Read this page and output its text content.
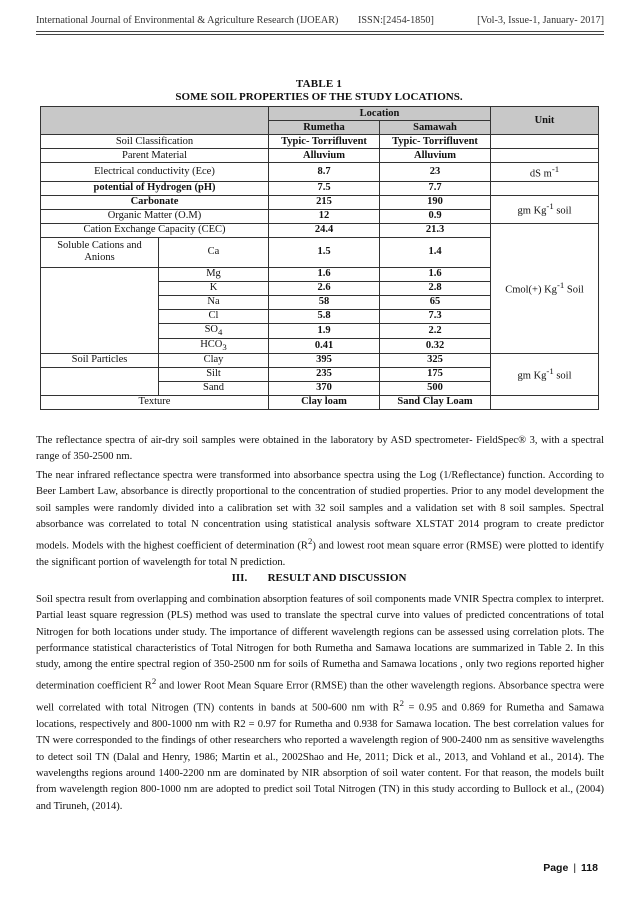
International Journal of Environmental & Agriculture Research (IJOEAR) ISSN:[2454-1850]	[Vol-3, Issue-1, January- 2017]
TABLE 1
SOME SOIL PROPERTIES OF THE STUDY LOCATIONS.
		Location		Unit
		Rumetha	Samawah	
Soil Classification		Typic- Torrifluvent	Typic- Torrifluvent	
Parent Material		Alluvium	Alluvium	
Electrical conductivity (Ece)		8.7	23	dS $m^{-1}$
potential of Hydrogen (pH)		7.5	7.7	
Carbonate		215	190	gm $Kg^{-1}$ soil
Organic Matter (O.M)		12	0.9	
Cation Exchange Capacity (CEC)		24.4	21.3	Cmol(+) $Kg^{-1}$ Soil
Soluble Cations and Anions	Ca	1.5	1.4	
	Mg	1.6	1.6	
	K	2.6	2.8	
	Na	58	65	
	Cl	5.8	7.3	
	$SO_4$	1.9	2.2	
	$HCO_3$	0.41	0.32	
Soil Particles	Clay	395	325	gm $Kg^{-1}$ soil
	Silt	235	175	
	Sand	370	500	
Texture		Clay loam	Sand Clay Loam	

The reflectance spectra of air-dry soil samples were obtained in the laboratory by ASD spectrometer- FieldSpec® 3, with a spectral range of 350-2500 nm.

The near infrared reflectance spectra were transformed into absorbance spectra using the Log (1/Reflectance) function. According to Beer Lambert Law, absorbance is directly proportional to the concentration of studied properties. Prior to any model development the soil samples were randomly divided into a calibration set with 32 soil samples and a validation set with 8 soil samples. Spectral absorbance was correlated to total N concentration using statistical analysis software XLSTAT 2014 program to create predictor models. Models with the highest coefficient of determination $(R^2)$ and lowest root mean square error (RMSE) were plotted to identify the significant portion of wavelength for total N prediction.

III. RESULT AND DISCUSSION

Soil spectra result from overlapping and combination absorption features of soil components made VNIR Spectra complex to interpret. Partial least square regression (PLS) method was used to translate the spectral curve into values of predicted concentrations of total Nitrogen for both locations under study. The importance of different wavelength regions can be assessed using correlation plots. The performance statistical characteristics of Total Nitrogen for both Rumetha and Samawa locations are summarized in Table 2. In this study, among the entire spectral region of 350-2500 nm for soils of Rumetha and Samawa locations , only two regions reported higher determination coefficient $R^2$ and lower Root Mean Square Error (RMSE) than the other wavelength regions. Absorbance spectra were well correlated with total Nitrogen (TN) contents in bands at 500-600 nm with $R^2 = 0.95$ and 0.869 for Rumetha and Samawa locations, respectively and 800-1000 nm with R2 = 0.97 for Rumetha and 0.938 for Samawa location. The best correlation values for TN were corresponded to the findings of other researchers who reported a wavelength region of 900-2400 nm as sensitive wavelengths to detect soil TN (Dalal and Henry, 1986; Martin et al., 2002Shao and He, 2011; Dick et al., 2013, and Vohland et al., 2014). The wavelengths regions around 1400-2200 nm are dominated by NIR absorption of soil water content. For that reason, the models built from wavelength region 800-1000 nm are adopted to predict soil Total Nitrogen (TN) in this study according to Bullock et al., (2004) and Tiruneh, (2014).

Page | 118
